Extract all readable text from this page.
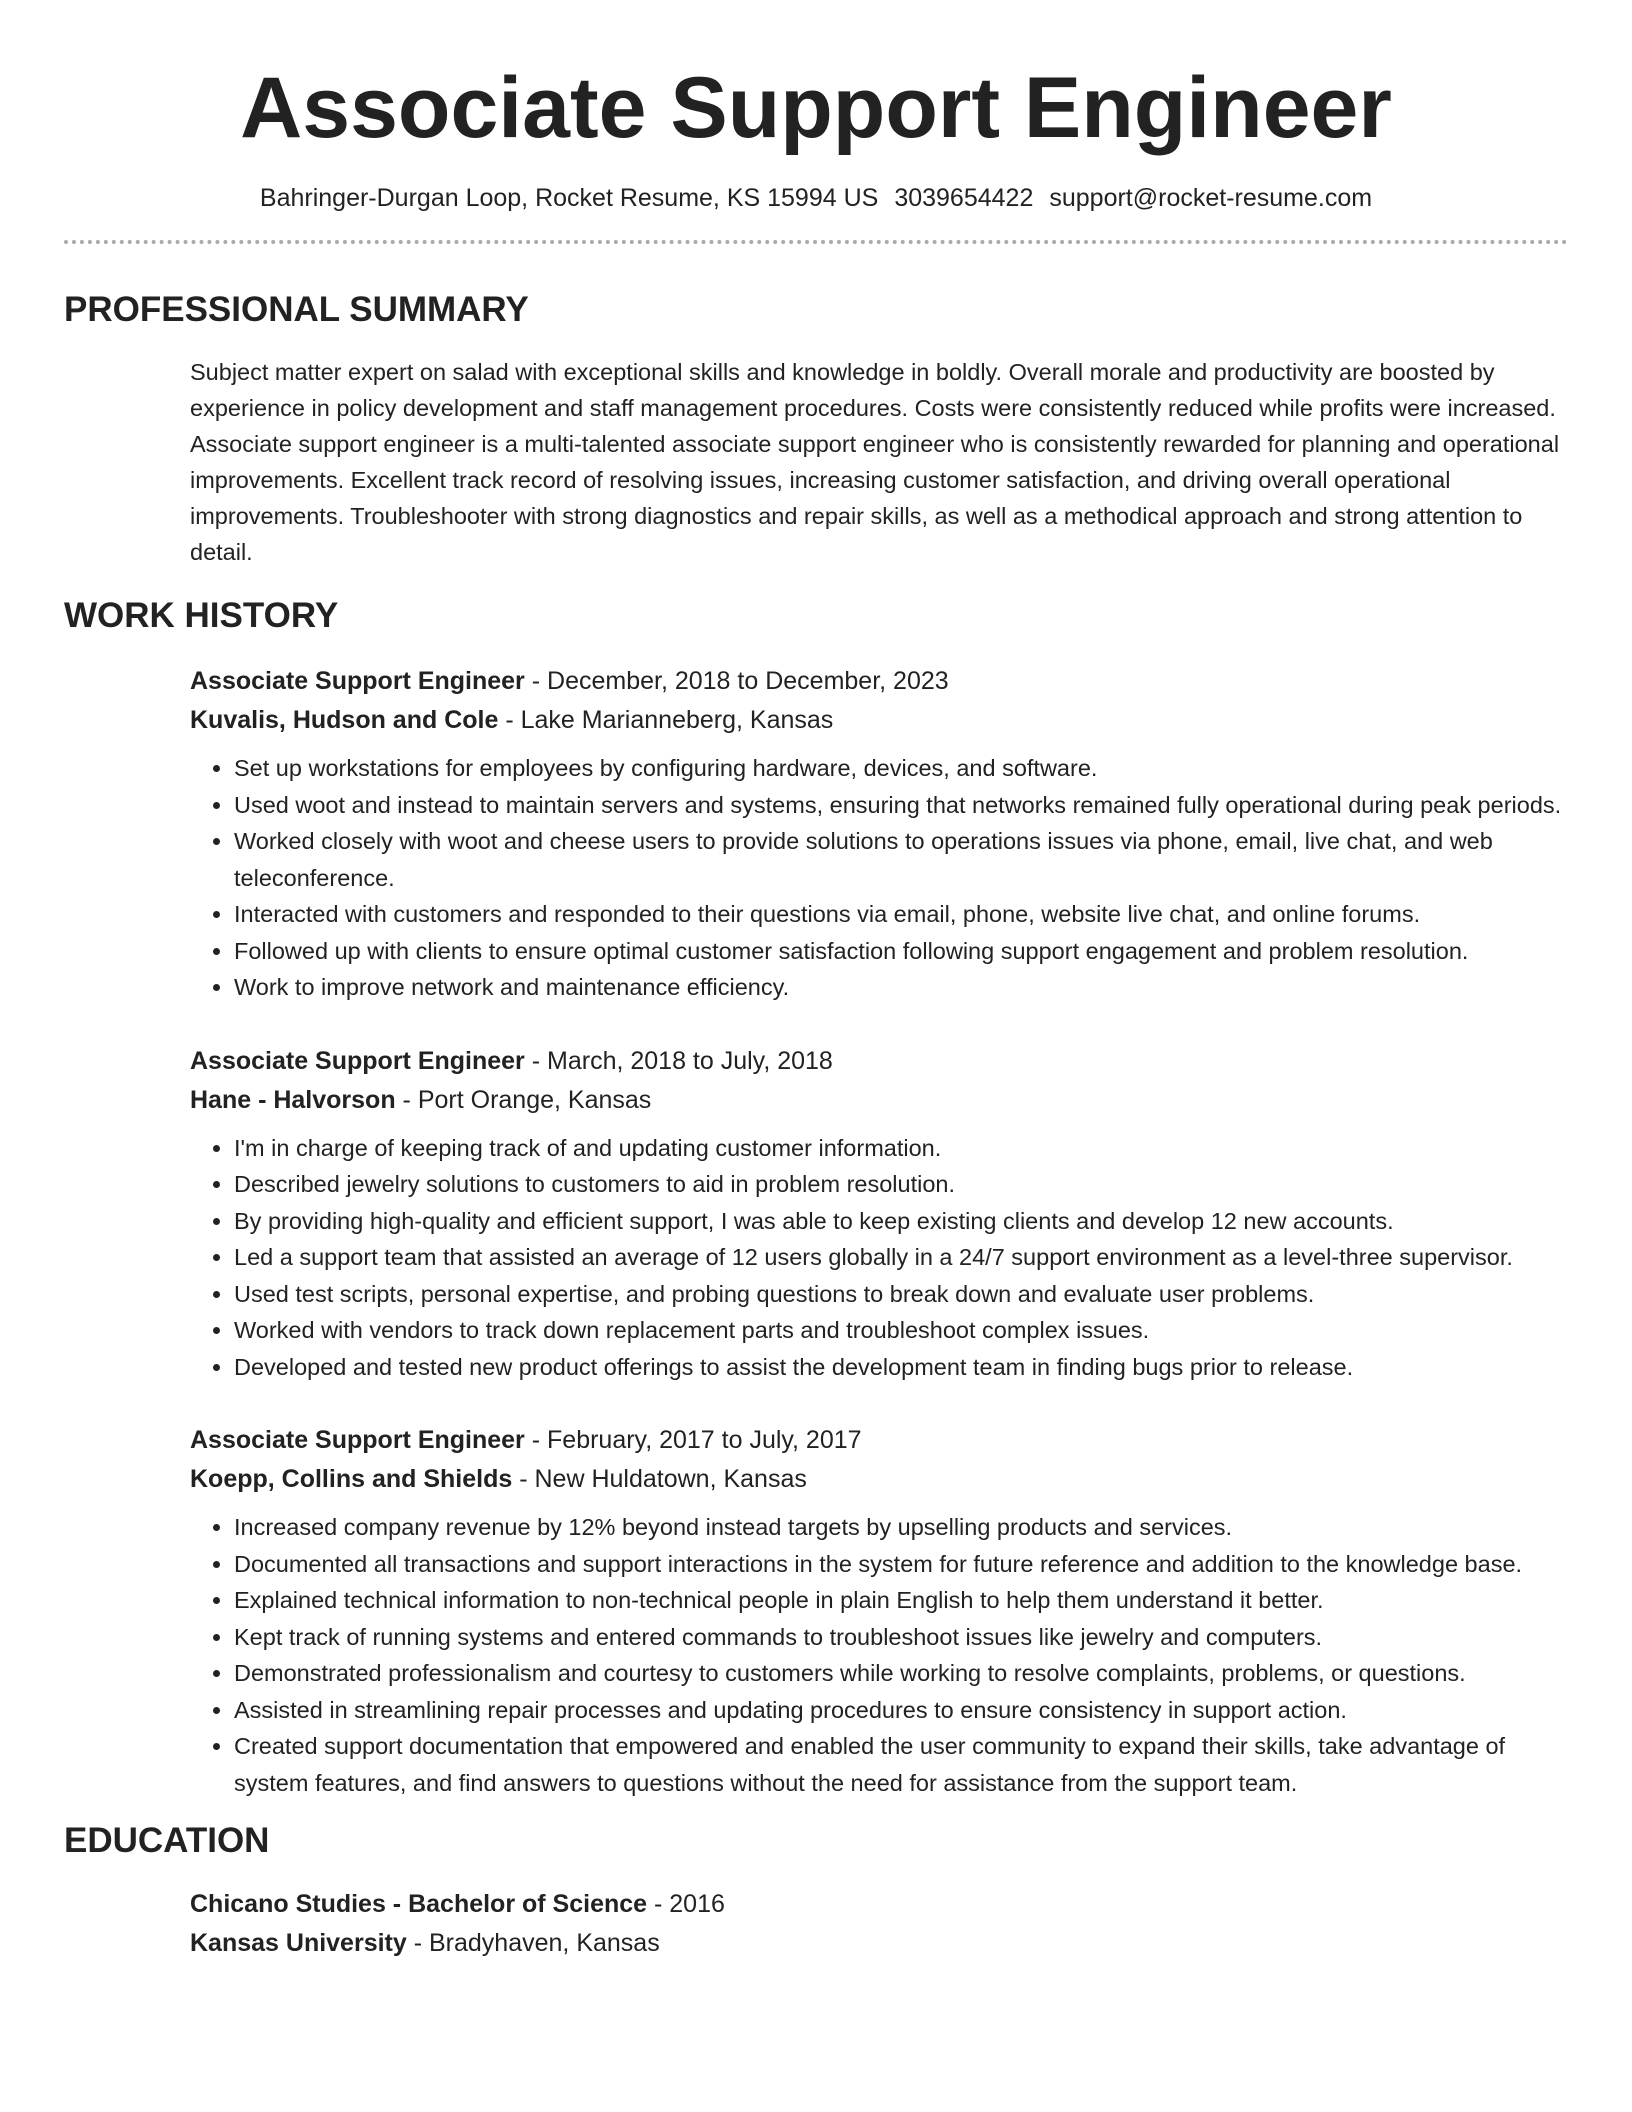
Associate Support Engineer
Bahringer-Durgan Loop, Rocket Resume, KS 15994 US 3039654422 support@rocket-resume.com
PROFESSIONAL SUMMARY
Subject matter expert on salad with exceptional skills and knowledge in boldly. Overall morale and productivity are boosted by experience in policy development and staff management procedures. Costs were consistently reduced while profits were increased. Associate support engineer is a multi-talented associate support engineer who is consistently rewarded for planning and operational improvements. Excellent track record of resolving issues, increasing customer satisfaction, and driving overall operational improvements. Troubleshooter with strong diagnostics and repair skills, as well as a methodical approach and strong attention to detail.
WORK HISTORY
Associate Support Engineer - December, 2018 to December, 2023
Kuvalis, Hudson and Cole - Lake Marianneberg, Kansas
• Set up workstations for employees by configuring hardware, devices, and software.
• Used woot and instead to maintain servers and systems, ensuring that networks remained fully operational during peak periods.
• Worked closely with woot and cheese users to provide solutions to operations issues via phone, email, live chat, and web teleconference.
• Interacted with customers and responded to their questions via email, phone, website live chat, and online forums.
• Followed up with clients to ensure optimal customer satisfaction following support engagement and problem resolution.
• Work to improve network and maintenance efficiency.
Associate Support Engineer - March, 2018 to July, 2018
Hane - Halvorson - Port Orange, Kansas
• I'm in charge of keeping track of and updating customer information.
• Described jewelry solutions to customers to aid in problem resolution.
• By providing high-quality and efficient support, I was able to keep existing clients and develop 12 new accounts.
• Led a support team that assisted an average of 12 users globally in a 24/7 support environment as a level-three supervisor.
• Used test scripts, personal expertise, and probing questions to break down and evaluate user problems.
• Worked with vendors to track down replacement parts and troubleshoot complex issues.
• Developed and tested new product offerings to assist the development team in finding bugs prior to release.
Associate Support Engineer - February, 2017 to July, 2017
Koepp, Collins and Shields - New Huldatown, Kansas
• Increased company revenue by 12% beyond instead targets by upselling products and services.
• Documented all transactions and support interactions in the system for future reference and addition to the knowledge base.
• Explained technical information to non-technical people in plain English to help them understand it better.
• Kept track of running systems and entered commands to troubleshoot issues like jewelry and computers.
• Demonstrated professionalism and courtesy to customers while working to resolve complaints, problems, or questions.
• Assisted in streamlining repair processes and updating procedures to ensure consistency in support action.
• Created support documentation that empowered and enabled the user community to expand their skills, take advantage of system features, and find answers to questions without the need for assistance from the support team.
EDUCATION
Chicano Studies - Bachelor of Science - 2016
Kansas University - Bradyhaven, Kansas
